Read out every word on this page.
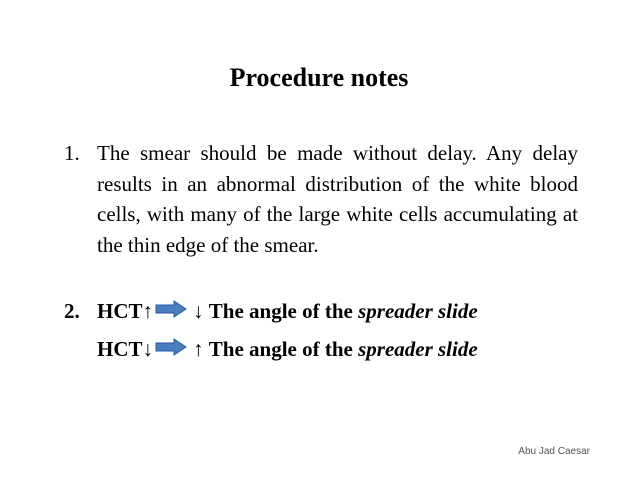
Procedure notes
1. The smear should be made without delay. Any delay results in an abnormal distribution of the white blood cells, with many of the large white cells accumulating at the thin edge of the smear.
2. HCT↑ ↓
The angle of the
spreader slide
HCT↓ ↑
The angle of the
spreader slide
Abu Jad Caesar
